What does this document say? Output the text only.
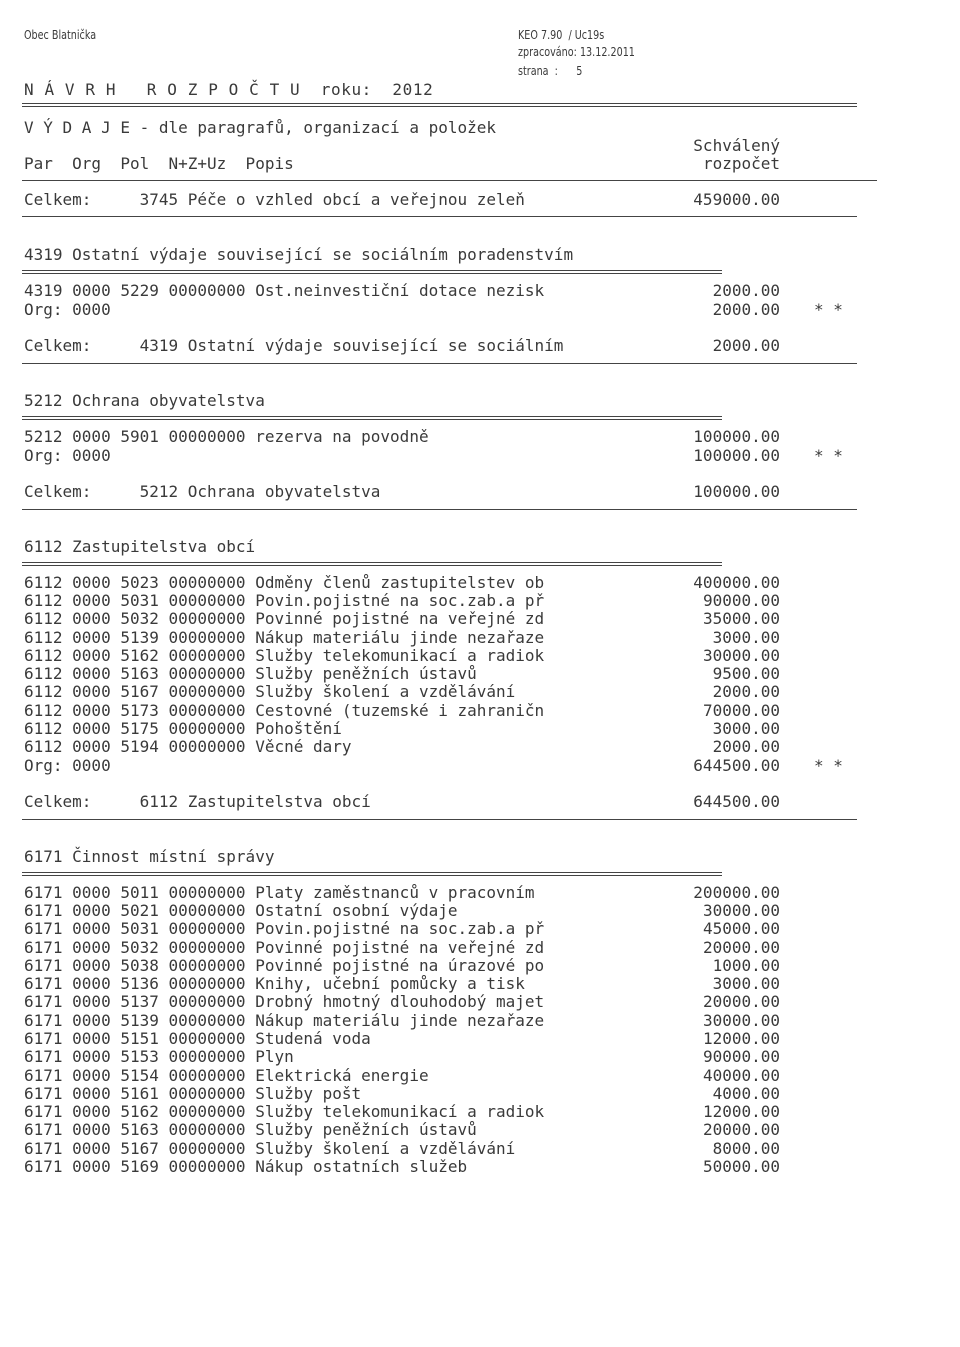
Obec Blatnička	KEO 7.90  / Uc19s
zpracováno: 13.12.2011
strana  : 5
N Á V R H   R O Z P O Č T U  roku:  2012
V Ý D A J E - dle paragrafů, organizací a položek
Schválený
Par  Org  Pol  N+Z+Uz  Popis	rozpočet
Celkem:     3745 Péče o vzhled obcí a veřejnou zeleň	459000.00
4319 Ostatní výdaje související se sociálním poradenstvím
4319 0000 5229 00000000 Ost.neinvestiční dotace nezisk	2000.00
Org: 0000	2000.00 * *
Celkem:     4319 Ostatní výdaje související se sociálním	2000.00
5212 Ochrana obyvatelstva
5212 0000 5901 00000000 rezerva na povodně	100000.00
Org: 0000	100000.00 * *
Celkem:     5212 Ochrana obyvatelstva	100000.00
6112 Zastupitelstva obcí
6112 0000 5023 00000000 Odměny členů zastupitelstev ob	400000.00
6112 0000 5031 00000000 Povin.pojistné na soc.zab.a př	90000.00
6112 0000 5032 00000000 Povinné pojistné na veřejné zd	35000.00
6112 0000 5139 00000000 Nákup materiálu jinde nezařaze	3000.00
6112 0000 5162 00000000 Služby telekomunikací a radiok	30000.00
6112 0000 5163 00000000 Služby peněžních ústavů	9500.00
6112 0000 5167 00000000 Služby školení a vzdělávání	2000.00
6112 0000 5173 00000000 Cestovné (tuzemské i zahraničn	70000.00
6112 0000 5175 00000000 Pohoštění	3000.00
6112 0000 5194 00000000 Věcné dary	2000.00
Org: 0000	644500.00 * *
Celkem:     6112 Zastupitelstva obcí	644500.00
6171 Činnost místní správy
6171 0000 5011 00000000 Platy zaměstnanců v pracovním	200000.00
6171 0000 5021 00000000 Ostatní osobní výdaje	30000.00
6171 0000 5031 00000000 Povin.pojistné na soc.zab.a př	45000.00
6171 0000 5032 00000000 Povinné pojistné na veřejné zd	20000.00
6171 0000 5038 00000000 Povinné pojistné na úrazové po	1000.00
6171 0000 5136 00000000 Knihy, učební pomůcky a tisk	3000.00
6171 0000 5137 00000000 Drobný hmotný dlouhodobý majet	20000.00
6171 0000 5139 00000000 Nákup materiálu jinde nezařaze	30000.00
6171 0000 5151 00000000 Studená voda	12000.00
6171 0000 5153 00000000 Plyn	90000.00
6171 0000 5154 00000000 Elektrická energie	40000.00
6171 0000 5161 00000000 Služby pošt	4000.00
6171 0000 5162 00000000 Služby telekomunikací a radiok	12000.00
6171 0000 5163 00000000 Služby peněžních ústavů	20000.00
6171 0000 5167 00000000 Služby školení a vzdělávání	8000.00
6171 0000 5169 00000000 Nákup ostatních služeb	50000.00
